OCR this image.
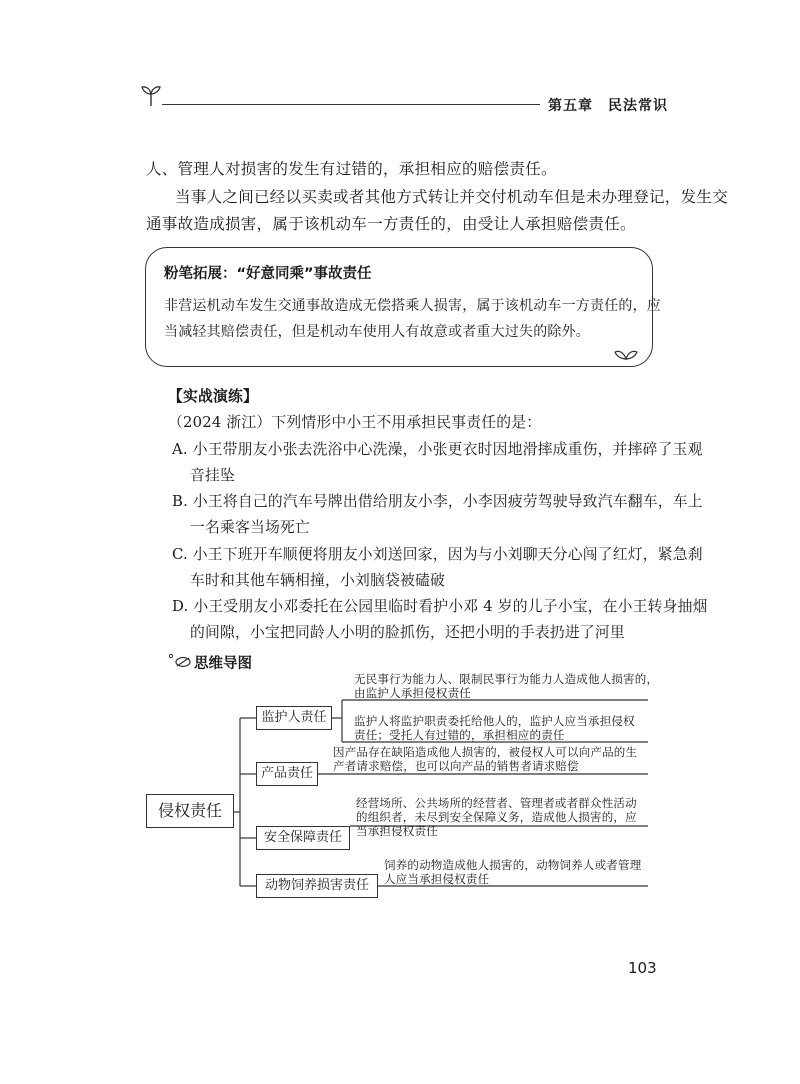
第五章　民法常识
人、管理人对损害的发生有过错的，承担相应的赔偿责任。
当事人之间已经以买卖或者其他方式转让并交付机动车但是未办理登记，发生交
通事故造成损害，属于该机动车一方责任的，由受让人承担赔偿责任。
粉笔拓展：“好意同乘”事故责任
非营运机动车发生交通事故造成无偿搭乘人损害，属于该机动车一方责任的，应
当减轻其赔偿责任，但是机动车使用人有故意或者重大过失的除外。
【实战演练】
（2024 浙江）下列情形中小王不用承担民事责任的是：
A. 小王带朋友小张去洗浴中心洗澡，小张更衣时因地滑摔成重伤，并摔碎了玉观
音挂坠
B. 小王将自己的汽车号牌出借给朋友小李，小李因疲劳驾驶导致汽车翻车，车上
一名乘客当场死亡
C. 小王下班开车顺便将朋友小刘送回家，因为与小刘聊天分心闯了红灯，紧急刹
车时和其他车辆相撞，小刘脑袋被磕破
D. 小王受朋友小邓委托在公园里临时看护小邓 4 岁的儿子小宝，在小王转身抽烟
的间隙，小宝把同龄人小明的脸抓伤，还把小明的手表扔进了河里
思维导图
侵权责任
监护人责任
产品责任
安全保障责任
动物饲养损害责任
无民事行为能力人、限制民事行为能力人造成他人损害的，
由监护人承担侵权责任
监护人将监护职责委托给他人的，监护人应当承担侵权
责任；受托人有过错的，承担相应的责任
因产品存在缺陷造成他人损害的，被侵权人可以向产品的生
产者请求赔偿，也可以向产品的销售者请求赔偿
经营场所、公共场所的经营者、管理者或者群众性活动
的组织者，未尽到安全保障义务，造成他人损害的，应
当承担侵权责任
饲养的动物造成他人损害的，动物饲养人或者管理
人应当承担侵权责任
103
